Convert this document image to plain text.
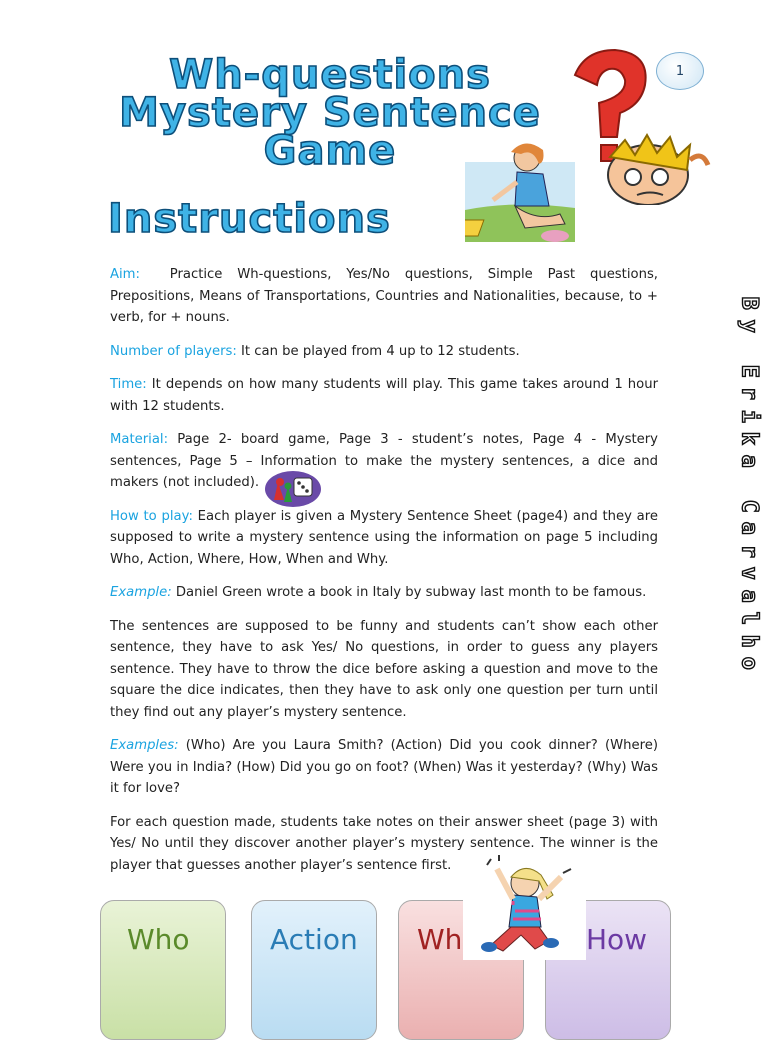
Wh-questions
Mystery Sentence
Game
1
Instructions

Aim: Practice Wh-questions, Yes/No questions, Simple Past questions, Prepositions, Means of Transportations, Countries and Nationalities, because, to + verb, for + nouns.

Number of players: It can be played from 4 up to 12 students.

Time: It depends on how many students will play. This game takes around 1 hour with 12 students.

Material: Page 2- board game, Page 3 - student’s notes, Page 4 - Mystery sentences, Page 5 – Information to make the mystery sentences, a dice and makers (not included).

How to play: Each player is given a Mystery Sentence Sheet (page4) and they are supposed to write a mystery sentence using the information on page 5 including Who, Action, Where, How, When and Why.

Example: Daniel Green wrote a book in Italy by subway last month to be famous.

The sentences are supposed to be funny and students can’t show each other sentence, they have to ask Yes/ No questions, in order to guess any players sentence. They have to throw the dice before asking a question and move to the square the dice indicates, then they have to ask only one question per turn until they find out any player’s mystery sentence.

Examples: (Who) Are you Laura Smith? (Action) Did you cook dinner? (Where) Were you in India? (How) Did you go on foot? (When) Was it yesterday? (Why) Was it for love?

For each question made, students take notes on their answer sheet (page 3) with Yes/ No until they discover another player’s mystery sentence. The winner is the player that guesses another player’s sentence first.

B
y
E
r
i
k
a
C
a
r
v
a
l
h
o
Who	Action Wh	How
